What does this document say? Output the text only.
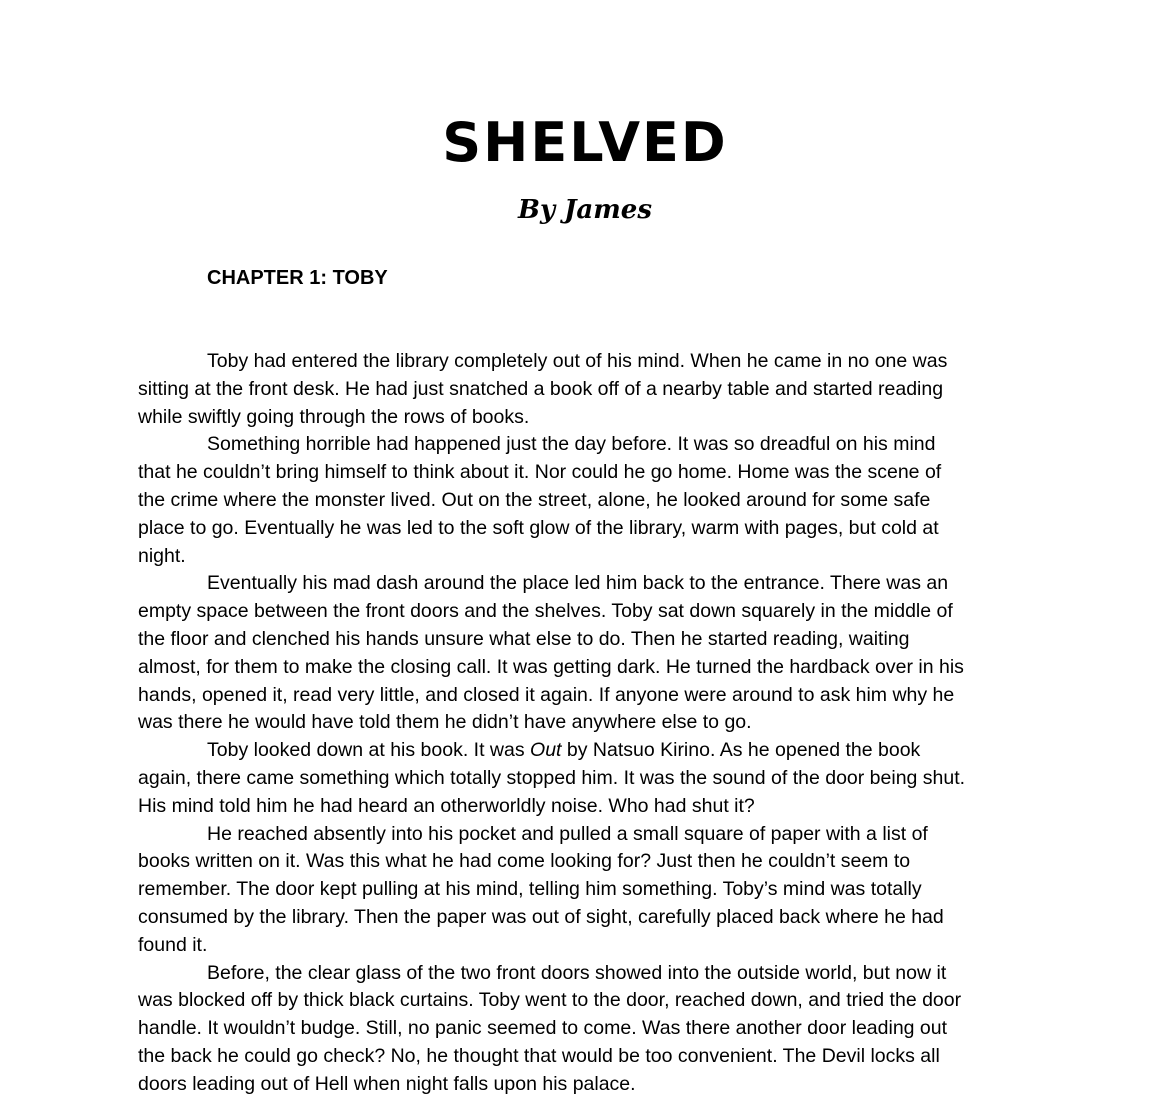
SHELVED
By James
CHAPTER 1: TOBY
Toby had entered the library completely out of his mind. When he came in no one was
sitting at the front desk. He had just snatched a book off of a nearby table and started reading
while swiftly going through the rows of books.
Something horrible had happened just the day before. It was so dreadful on his mind
that he couldn’t bring himself to think about it. Nor could he go home. Home was the scene of
the crime where the monster lived. Out on the street, alone, he looked around for some safe
place to go. Eventually he was led to the soft glow of the library, warm with pages, but cold at
night.
Eventually his mad dash around the place led him back to the entrance. There was an
empty space between the front doors and the shelves. Toby sat down squarely in the middle of
the floor and clenched his hands unsure what else to do. Then he started reading, waiting
almost, for them to make the closing call. It was getting dark. He turned the hardback over in his
hands, opened it, read very little, and closed it again. If anyone were around to ask him why he
was there he would have told them he didn’t have anywhere else to go.
Toby looked down at his book. It was Out by Natsuo Kirino. As he opened the book
again, there came something which totally stopped him. It was the sound of the door being shut.
His mind told him he had heard an otherworldly noise. Who had shut it?
He reached absently into his pocket and pulled a small square of paper with a list of
books written on it. Was this what he had come looking for? Just then he couldn’t seem to
remember. The door kept pulling at his mind, telling him something. Toby’s mind was totally
consumed by the library. Then the paper was out of sight, carefully placed back where he had
found it.
Before, the clear glass of the two front doors showed into the outside world, but now it
was blocked off by thick black curtains. Toby went to the door, reached down, and tried the door
handle. It wouldn’t budge. Still, no panic seemed to come. Was there another door leading out
the back he could go check? No, he thought that would be too convenient. The Devil locks all
doors leading out of Hell when night falls upon his palace.
